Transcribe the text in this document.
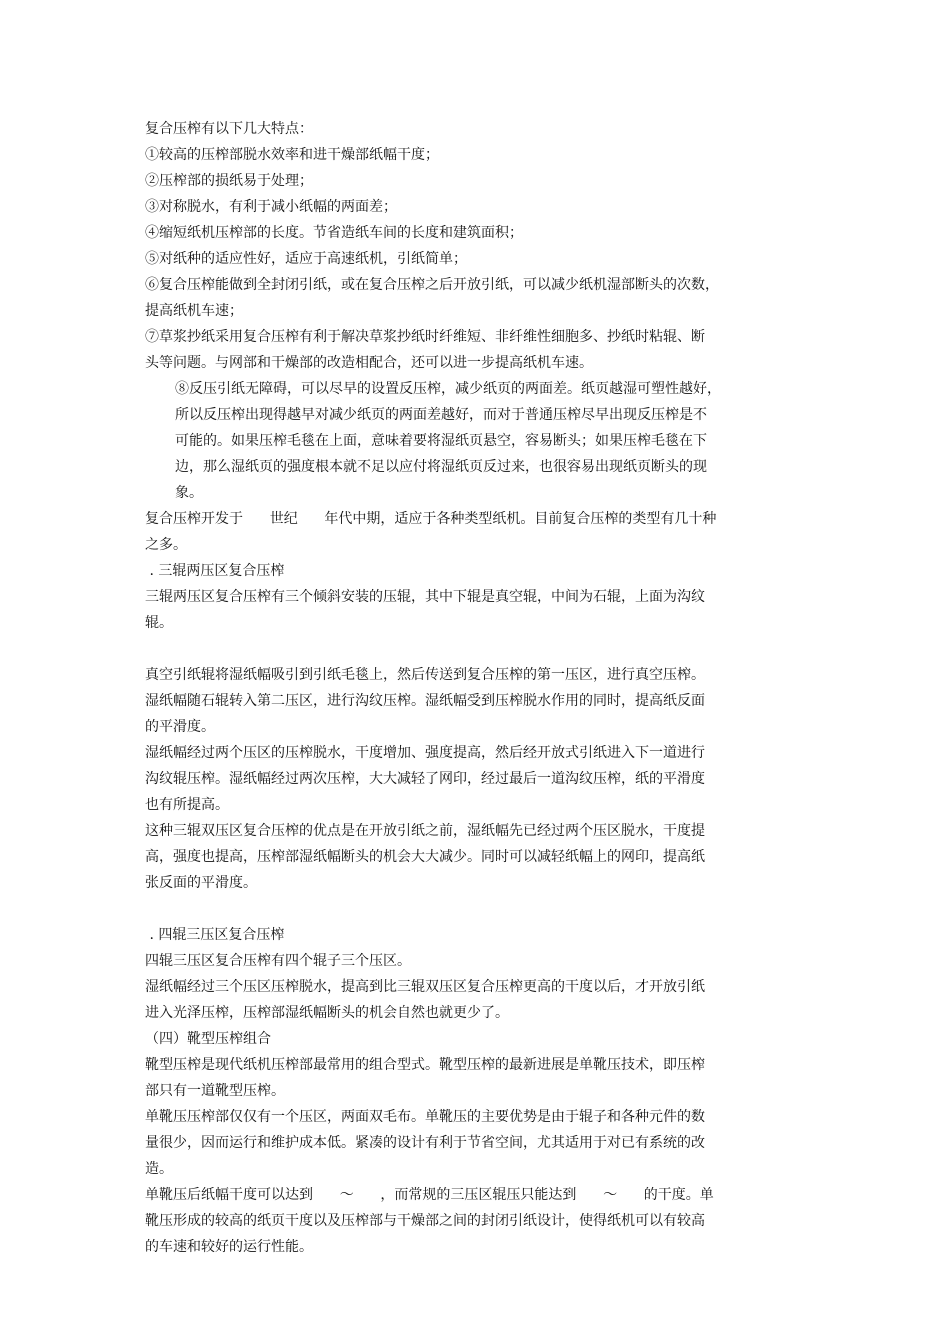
复合压榨有以下几大特点：
①较高的压榨部脱水效率和进干燥部纸幅干度；
②压榨部的损纸易于处理；
③对称脱水，有利于减小纸幅的两面差；
④缩短纸机压榨部的长度。节省造纸车间的长度和建筑面积；
⑤对纸种的适应性好，适应于高速纸机，引纸简单；
⑥复合压榨能做到全封闭引纸，或在复合压榨之后开放引纸，可以减少纸机湿部断头的次数，
提高纸机车速；
⑦草浆抄纸采用复合压榨有利于解决草浆抄纸时纤维短、非纤维性细胞多、抄纸时粘辊、断
头等问题。与网部和干燥部的改造相配合，还可以进一步提高纸机车速。
⑧反压引纸无障碍，可以尽早的设置反压榨，减少纸页的两面差。纸页越湿可塑性越好，
所以反压榨出现得越早对减少纸页的两面差越好，而对于普通压榨尽早出现反压榨是不
可能的。如果压榨毛毯在上面，意味着要将湿纸页悬空，容易断头；如果压榨毛毯在下
边，那么湿纸页的强度根本就不足以应付将湿纸页反过来，也很容易出现纸页断头的现
象。
复合压榨开发于      世纪      年代中期，适应于各种类型纸机。目前复合压榨的类型有几十种
之多。
. 三辊两压区复合压榨
三辊两压区复合压榨有三个倾斜安装的压辊，其中下辊是真空辊，中间为石辊，上面为沟纹
辊。
真空引纸辊将湿纸幅吸引到引纸毛毯上，然后传送到复合压榨的第一压区，进行真空压榨。
湿纸幅随石辊转入第二压区，进行沟纹压榨。湿纸幅受到压榨脱水作用的同时，提高纸反面
的平滑度。
湿纸幅经过两个压区的压榨脱水，干度增加、强度提高，然后经开放式引纸进入下一道进行
沟纹辊压榨。湿纸幅经过两次压榨，大大减轻了网印，经过最后一道沟纹压榨，纸的平滑度
也有所提高。
这种三辊双压区复合压榨的优点是在开放引纸之前，湿纸幅先已经过两个压区脱水，干度提
高，强度也提高，压榨部湿纸幅断头的机会大大减少。同时可以减轻纸幅上的网印，提高纸
张反面的平滑度。
. 四辊三压区复合压榨
四辊三压区复合压榨有四个辊子三个压区。
湿纸幅经过三个压区压榨脱水，提高到比三辊双压区复合压榨更高的干度以后，才开放引纸
进入光泽压榨，压榨部湿纸幅断头的机会自然也就更少了。
（四）靴型压榨组合
靴型压榨是现代纸机压榨部最常用的组合型式。靴型压榨的最新进展是单靴压技术，即压榨
部只有一道靴型压榨。
单靴压压榨部仅仅有一个压区，两面双毛布。单靴压的主要优势是由于辊子和各种元件的数
量很少，因而运行和维护成本低。紧凑的设计有利于节省空间，尤其适用于对已有系统的改
造。
单靴压后纸幅干度可以达到      ～      ，而常规的三压区辊压只能达到      ～      的干度。单
靴压形成的较高的纸页干度以及压榨部与干燥部之间的封闭引纸设计，使得纸机可以有较高
的车速和较好的运行性能。
